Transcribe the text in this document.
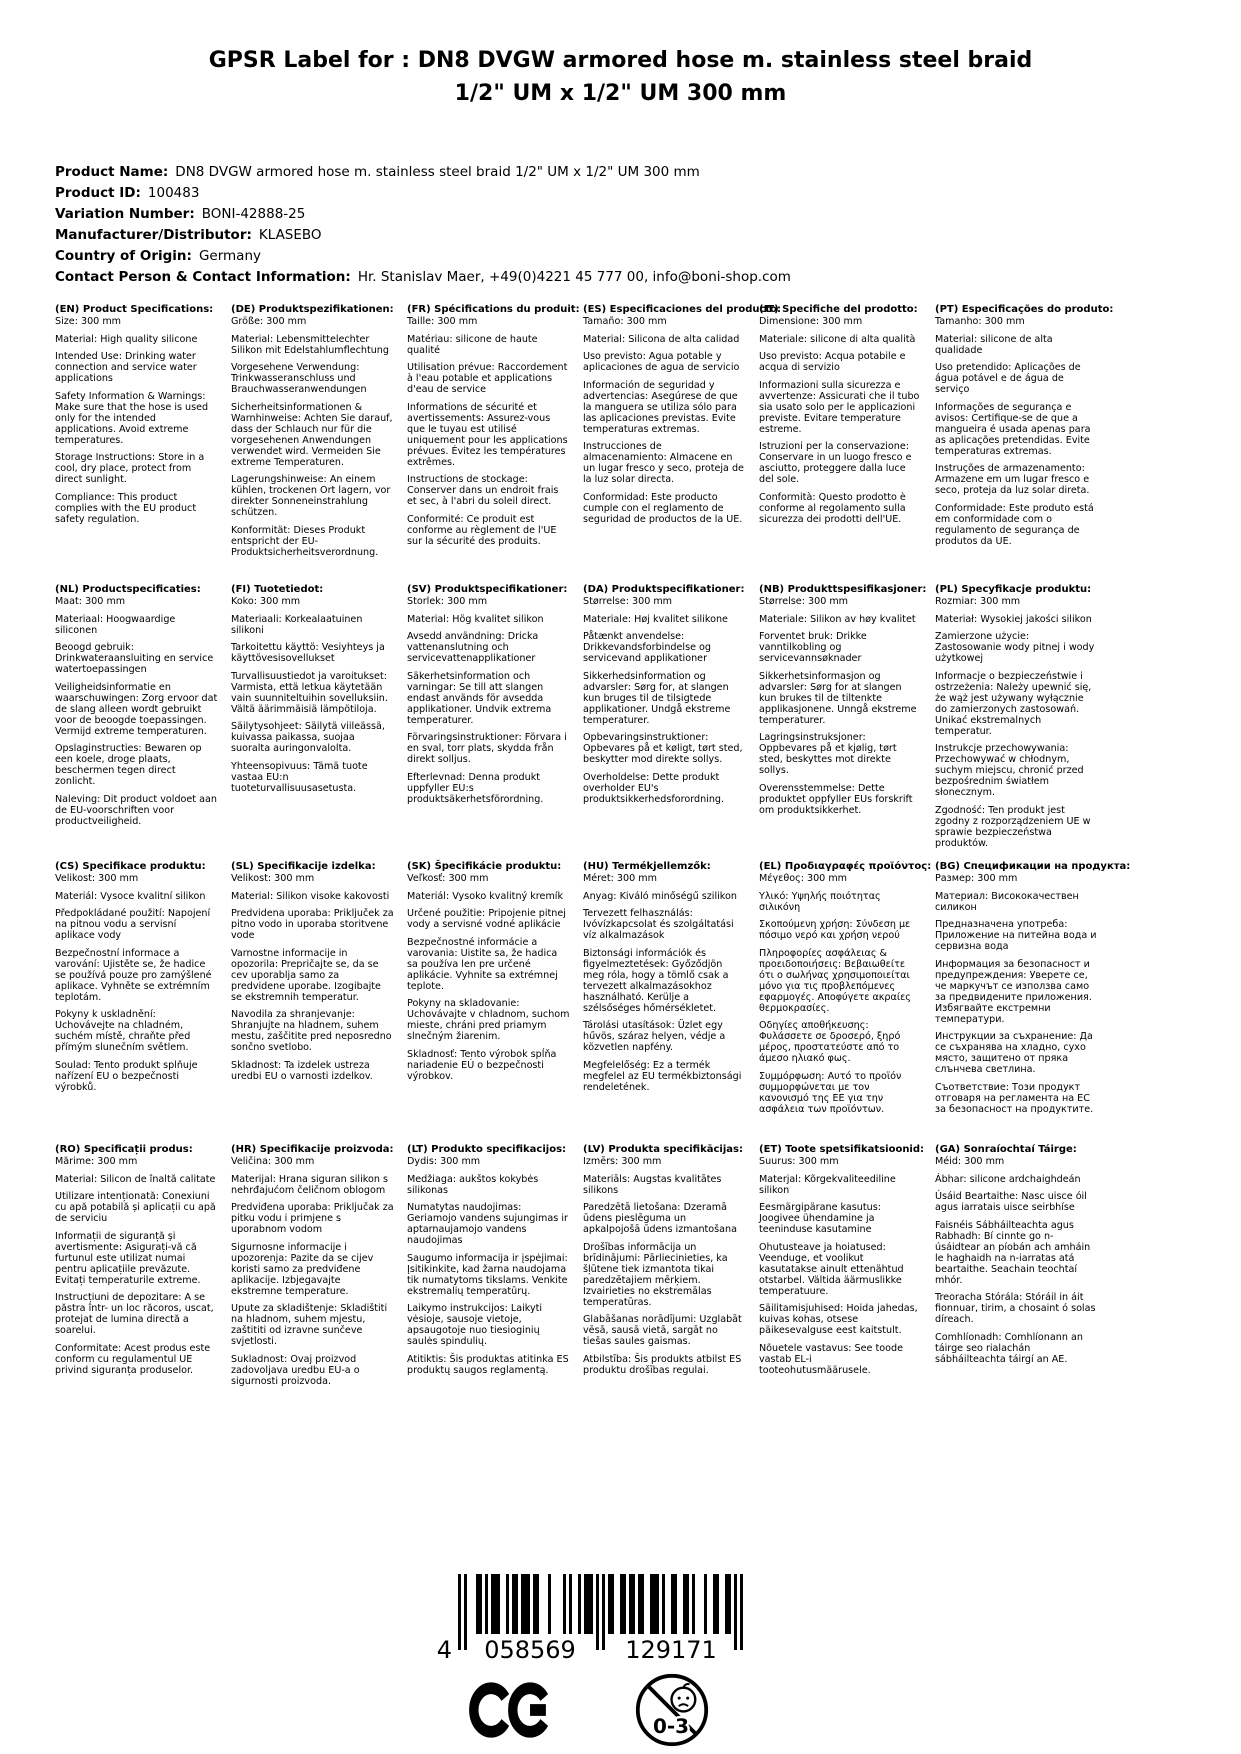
GPSR Label for : DN8 DVGW armored hose m. stainless steel braid
1/2" UM x 1/2" UM 300 mm
Product Name: DN8 DVGW armored hose m. stainless steel braid 1/2" UM x 1/2" UM 300 mm
Product ID: 100483
Variation Number: BONI-42888-25
Manufacturer/Distributor: KLASEBO
Country of Origin: Germany
Contact Person & Contact Information: Hr. Stanislav Maer, +49(0)4221 45 777 00, info@boni-shop.com
(EN) Product Specifications:

Size: 300 mm

Material: High quality silicone

Intended Use: Drinking water connection and service water applications

Safety Information & Warnings: Make sure that the hose is used only for the intended applications. Avoid extreme temperatures.

Storage Instructions: Store in a cool, dry place, protect from direct sunlight.

Compliance: This product complies with the EU product safety regulation.

(DE) Produktspezifikationen:

Größe: 300 mm

Material: Lebensmittelechter Silikon mit Edelstahlumflechtung

Vorgesehene Verwendung: Trinkwasseranschluss und Brauchwasseranwendungen

Sicherheitsinformationen & Warnhinweise: Achten Sie darauf, dass der Schlauch nur für die vorgesehenen Anwendungen verwendet wird. Vermeiden Sie extreme Temperaturen.

Lagerungshinweise: An einem kühlen, trockenen Ort lagern, vor direkter Sonneneinstrahlung schützen.

Konformität: Dieses Produkt entspricht der EU-Produktsicherheitsverordnung.

(FR) Spécifications du produit:

Taille: 300 mm

Matériau: silicone de haute qualité

Utilisation prévue: Raccordement à l'eau potable et applications d'eau de service

Informations de sécurité et avertissements: Assurez-vous que le tuyau est utilisé uniquement pour les applications prévues. Évitez les températures extrêmes.

Instructions de stockage: Conserver dans un endroit frais et sec, à l'abri du soleil direct.

Conformité: Ce produit est conforme au règlement de l'UE sur la sécurité des produits.

(ES) Especificaciones del producto:

Tamaño: 300 mm

Material: Silicona de alta calidad

Uso previsto: Agua potable y aplicaciones de agua de servicio

Información de seguridad y advertencias: Asegúrese de que la manguera se utiliza sólo para las aplicaciones previstas. Evite temperaturas extremas.

Instrucciones de almacenamiento: Almacene en un lugar fresco y seco, proteja de la luz solar directa.

Conformidad: Este producto cumple con el reglamento de seguridad de productos de la UE.

(IT) Specifiche del prodotto:

Dimensione: 300 mm

Materiale: silicone di alta qualità

Uso previsto: Acqua potabile e acqua di servizio

Informazioni sulla sicurezza e avvertenze: Assicurati che il tubo sia usato solo per le applicazioni previste. Evitare temperature estreme.

Istruzioni per la conservazione: Conservare in un luogo fresco e asciutto, proteggere dalla luce del sole.

Conformità: Questo prodotto è conforme al regolamento sulla sicurezza dei prodotti dell'UE.

(PT) Especificações do produto:

Tamanho: 300 mm

Material: silicone de alta qualidade

Uso pretendido: Aplicações de água potável e de água de serviço

Informações de segurança e avisos: Certifique-se de que a mangueira é usada apenas para as aplicações pretendidas. Evite temperaturas extremas.

Instruções de armazenamento: Armazene em um lugar fresco e seco, proteja da luz solar direta.

Conformidade: Este produto está em conformidade com o regulamento de segurança de produtos da UE.

(NL) Productspecificaties:

Maat: 300 mm

Materiaal: Hoogwaardige siliconen

Beoogd gebruik: Drinkwateraansluiting en service watertoepassingen

Veiligheidsinformatie en waarschuwingen: Zorg ervoor dat de slang alleen wordt gebruikt voor de beoogde toepassingen. Vermijd extreme temperaturen.

Opslaginstructies: Bewaren op een koele, droge plaats, beschermen tegen direct zonlicht.

Naleving: Dit product voldoet aan de EU-voorschriften voor productveiligheid.

(FI) Tuotetiedot:

Koko: 300 mm

Materiaali: Korkealaatuinen silikoni

Tarkoitettu käyttö: Vesiyhteys ja käyttövesisovellukset

Turvallisuustiedot ja varoitukset: Varmista, että letkua käytetään vain suunniteltuihin sovelluksiin. Vältä äärimmäisiä lämpötiloja.

Säilytysohjeet: Säilytä viileässä, kuivassa paikassa, suojaa suoralta auringonvalolta.

Yhteensopivuus: Tämä tuote vastaa EU:n tuoteturvallisuusasetusta.

(SV) Produktspecifikationer:

Storlek: 300 mm

Material: Hög kvalitet silikon

Avsedd användning: Dricka vattenanslutning och servicevattenapplikationer

Säkerhetsinformation och varningar: Se till att slangen endast används för avsedda applikationer. Undvik extrema temperaturer.

Förvaringsinstruktioner: Förvara i en sval, torr plats, skydda från direkt solljus.

Efterlevnad: Denna produkt uppfyller EU:s produktsäkerhetsförordning.

(DA) Produktspecifikationer:

Størrelse: 300 mm

Materiale: Høj kvalitet silikone

Påtænkt anvendelse: Drikkevandsforbindelse og servicevand applikationer

Sikkerhedsinformation og advarsler: Sørg for, at slangen kun bruges til de tilsigtede applikationer. Undgå ekstreme temperaturer.

Opbevaringsinstruktioner: Opbevares på et køligt, tørt sted, beskytter mod direkte sollys.

Overholdelse: Dette produkt overholder EU's produktsikkerhedsforordning.

(NB) Produkttspesifikasjoner:

Størrelse: 300 mm

Materiale: Silikon av høy kvalitet

Forventet bruk: Drikke vanntilkobling og servicevannsøknader

Sikkerhetsinformasjon og advarsler: Sørg for at slangen kun brukes til de tiltenkte applikasjonene. Unngå ekstreme temperaturer.

Lagringsinstruksjoner: Oppbevares på et kjølig, tørt sted, beskyttes mot direkte sollys.

Overensstemmelse: Dette produktet oppfyller EUs forskrift om produktsikkerhet.

(PL) Specyfikacje produktu:

Rozmiar: 300 mm

Materiał: Wysokiej jakości silikon

Zamierzone użycie: Zastosowanie wody pitnej i wody użytkowej

Informacje o bezpieczeństwie i ostrzeżenia: Należy upewnić się, że wąż jest używany wyłącznie do zamierzonych zastosowań. Unikać ekstremalnych temperatur.

Instrukcje przechowywania: Przechowywać w chłodnym, suchym miejscu, chronić przed bezpośrednim światłem słonecznym.

Zgodność: Ten produkt jest zgodny z rozporządzeniem UE w sprawie bezpieczeństwa produktów.

(CS) Specifikace produktu:

Velikost: 300 mm

Materiál: Vysoce kvalitní silikon

Předpokládané použití: Napojení na pitnou vodu a servisní aplikace vody

Bezpečnostní informace a varování: Ujistěte se, že hadice se používá pouze pro zamýšlené aplikace. Vyhněte se extrémním teplotám.

Pokyny k uskladnění: Uchovávejte na chladném, suchém místě, chraňte před přímým slunečním světlem.

Soulad: Tento produkt splňuje nařízení EU o bezpečnosti výrobků.

(SL) Specifikacije izdelka:

Velikost: 300 mm

Material: Silikon visoke kakovosti

Predvidena uporaba: Priključek za pitno vodo in uporaba storitvene vode

Varnostne informacije in opozorila: Prepričajte se, da se cev uporablja samo za predvidene uporabe. Izogibajte se ekstremnih temperatur.

Navodila za shranjevanje: Shranjujte na hladnem, suhem mestu, zaščitite pred neposredno sončno svetlobo.

Skladnost: Ta izdelek ustreza uredbi EU o varnosti izdelkov.

(SK) Špecifikácie produktu:

Veľkosť: 300 mm

Materiál: Vysoko kvalitný kremík

Určené použitie: Pripojenie pitnej vody a servisné vodné aplikácie

Bezpečnostné informácie a varovania: Uistite sa, že hadica sa používa len pre určené aplikácie. Vyhnite sa extrémnej teplote.

Pokyny na skladovanie: Uchovávajte v chladnom, suchom mieste, chráni pred priamym slnečným žiarenim.

Skladnosť: Tento výrobok spĺňa nariadenie EÚ o bezpečnosti výrobkov.

(HU) Termékjellemzők:

Méret: 300 mm

Anyag: Kiváló minőségű szilikon

Tervezett felhasználás: Ivóvízkapcsolat és szolgáltatási víz alkalmazások

Biztonsági információk és figyelmeztetések: Győződjön meg róla, hogy a tömlő csak a tervezett alkalmazásokhoz használható. Kerülje a szélsőséges hőmérsékletet.

Tárolási utasítások: Üzlet egy hűvös, száraz helyen, védje a közvetlen napfény.

Megfelelőség: Ez a termék megfelel az EU termékbiztonsági rendeletének.

(EL) Προδιαγραφές προϊόντος:

Μέγεθος: 300 mm

Υλικό: Υψηλής ποιότητας σιλικόνη

Σκοπούμενη χρήση: Σύνδεση με πόσιμο νερό και χρήση νερού

Πληροφορίες ασφάλειας & προειδοποιήσεις: Βεβαιωθείτε ότι ο σωλήνας χρησιμοποιείται μόνο για τις προβλεπόμενες εφαρμογές. Αποφύγετε ακραίες θερμοκρασίες.

Οδηγίες αποθήκευσης: Φυλάσσετε σε δροσερό, ξηρό μέρος, προστατεύστε από το άμεσο ηλιακό φως.

Συμμόρφωση: Αυτό το προϊόν συμμορφώνεται με τον κανονισμό της ΕΕ για την ασφάλεια των προϊόντων.

(BG) Спецификации на продукта:

Размер: 300 mm

Материал: Висококачествен силикон

Предназначена употреба: Приложение на питейна вода и сервизна вода

Информация за безопасност и предупреждения: Уверете се, че маркучът се използва само за предвидените приложения. Избягвайте екстремни температури.

Инструкции за съхранение: Да се съхранява на хладно, сухо място, защитено от пряка слънчева светлина.

Съответствие: Този продукт отговаря на регламента на ЕС за безопасност на продуктите.

(RO) Specificații produs:

Mărime: 300 mm

Material: Silicon de înaltă calitate

Utilizare intenționată: Conexiuni cu apă potabilă și aplicații cu apă de serviciu

Informații de siguranță și avertismente: Asigurați-vă că furtunul este utilizat numai pentru aplicațiile prevăzute. Evitați temperaturile extreme.

Instrucțiuni de depozitare: A se păstra într- un loc răcoros, uscat, protejat de lumina directă a soarelui.

Conformitate: Acest produs este conform cu regulamentul UE privind siguranța produselor.

(HR) Specifikacije proizvoda:

Veličina: 300 mm

Materijal: Hrana siguran silikon s nehrđajućom čeličnom oblogom

Predviđena uporaba: Priključak za pitku vodu i primjene s uporabnom vodom

Sigurnosne informacije i upozorenja: Pazite da se cijev koristi samo za predviđene aplikacije. Izbjegavajte ekstremne temperature.

Upute za skladištenje: Skladištiti na hladnom, suhem mjestu, zaštititi od izravne sunčeve svjetlosti.

Sukladnost: Ovaj proizvod zadovoljava uredbu EU-a o sigurnosti proizvoda.

(LT) Produkto specifikacijos:

Dydis: 300 mm

Medžiaga: aukštos kokybės silikonas

Numatytas naudojimas: Geriamojo vandens sujungimas ir aptarnaujamojo vandens naudojimas

Saugumo informacija ir įspėjimai: Įsitikinkite, kad žarna naudojama tik numatytoms tikslams. Venkite ekstremalių temperatūrų.

Laikymo instrukcijos: Laikyti vėsioje, sausoje vietoje, apsaugotoje nuo tiesioginių saulės spindulių.

Atitiktis: Šis produktas atitinka ES produktų saugos reglamentą.

(LV) Produkta specifikācijas:

Izmērs: 300 mm

Materiāls: Augstas kvalitātes silikons

Paredzētā lietošana: Dzeramā ūdens pieslēguma un apkalpojošā ūdens izmantošana

Drošības informācija un brīdinājumi: Pārliecinieties, ka šļūtene tiek izmantota tikai paredzētajiem mērķiem. Izvairieties no ekstremālas temperatūras.

Glabāšanas norādījumi: Uzglabāt vēsā, sausā vietā, sargāt no tiešas saules gaismas.

Atbilstība: Šis produkts atbilst ES produktu drošības regulai.

(ET) Toote spetsifikatsioonid:

Suurus: 300 mm

Materjal: Kõrgekvaliteediline silikon

Eesmärgipärane kasutus: Joogivee ühendamine ja teeninduse kasutamine

Ohutusteave ja hoiatused: Veenduge, et voolikut kasutatakse ainult ettenähtud otstarbel. Vältida äärmuslikke temperatuure.

Säilitamisjuhised: Hoida jahedas, kuivas kohas, otsese päikesevalguse eest kaitstult.

Nõuetele vastavus: See toode vastab EL-i tooteohutusmäärusele.

(GA) Sonraíochtaí Táirge:

Méid: 300 mm

Ábhar: silicone ardchaighdeán

Úsáid Beartaithe: Nasc uisce óil agus iarratais uisce seirbhíse

Faisnéis Sábháilteachta agus Rabhadh: Bí cinnte go n-úsáidtear an píobán ach amháin le haghaidh na n-iarratas atá beartaithe. Seachain teochtaí mhór.

Treoracha Stórála: Stóráil in áit fionnuar, tirim, a chosaint ó solas díreach.

Comhlíonadh: Comhlíonann an táirge seo rialachán sábháilteachta táirgí an AE.

4 058569 129171
0-3
